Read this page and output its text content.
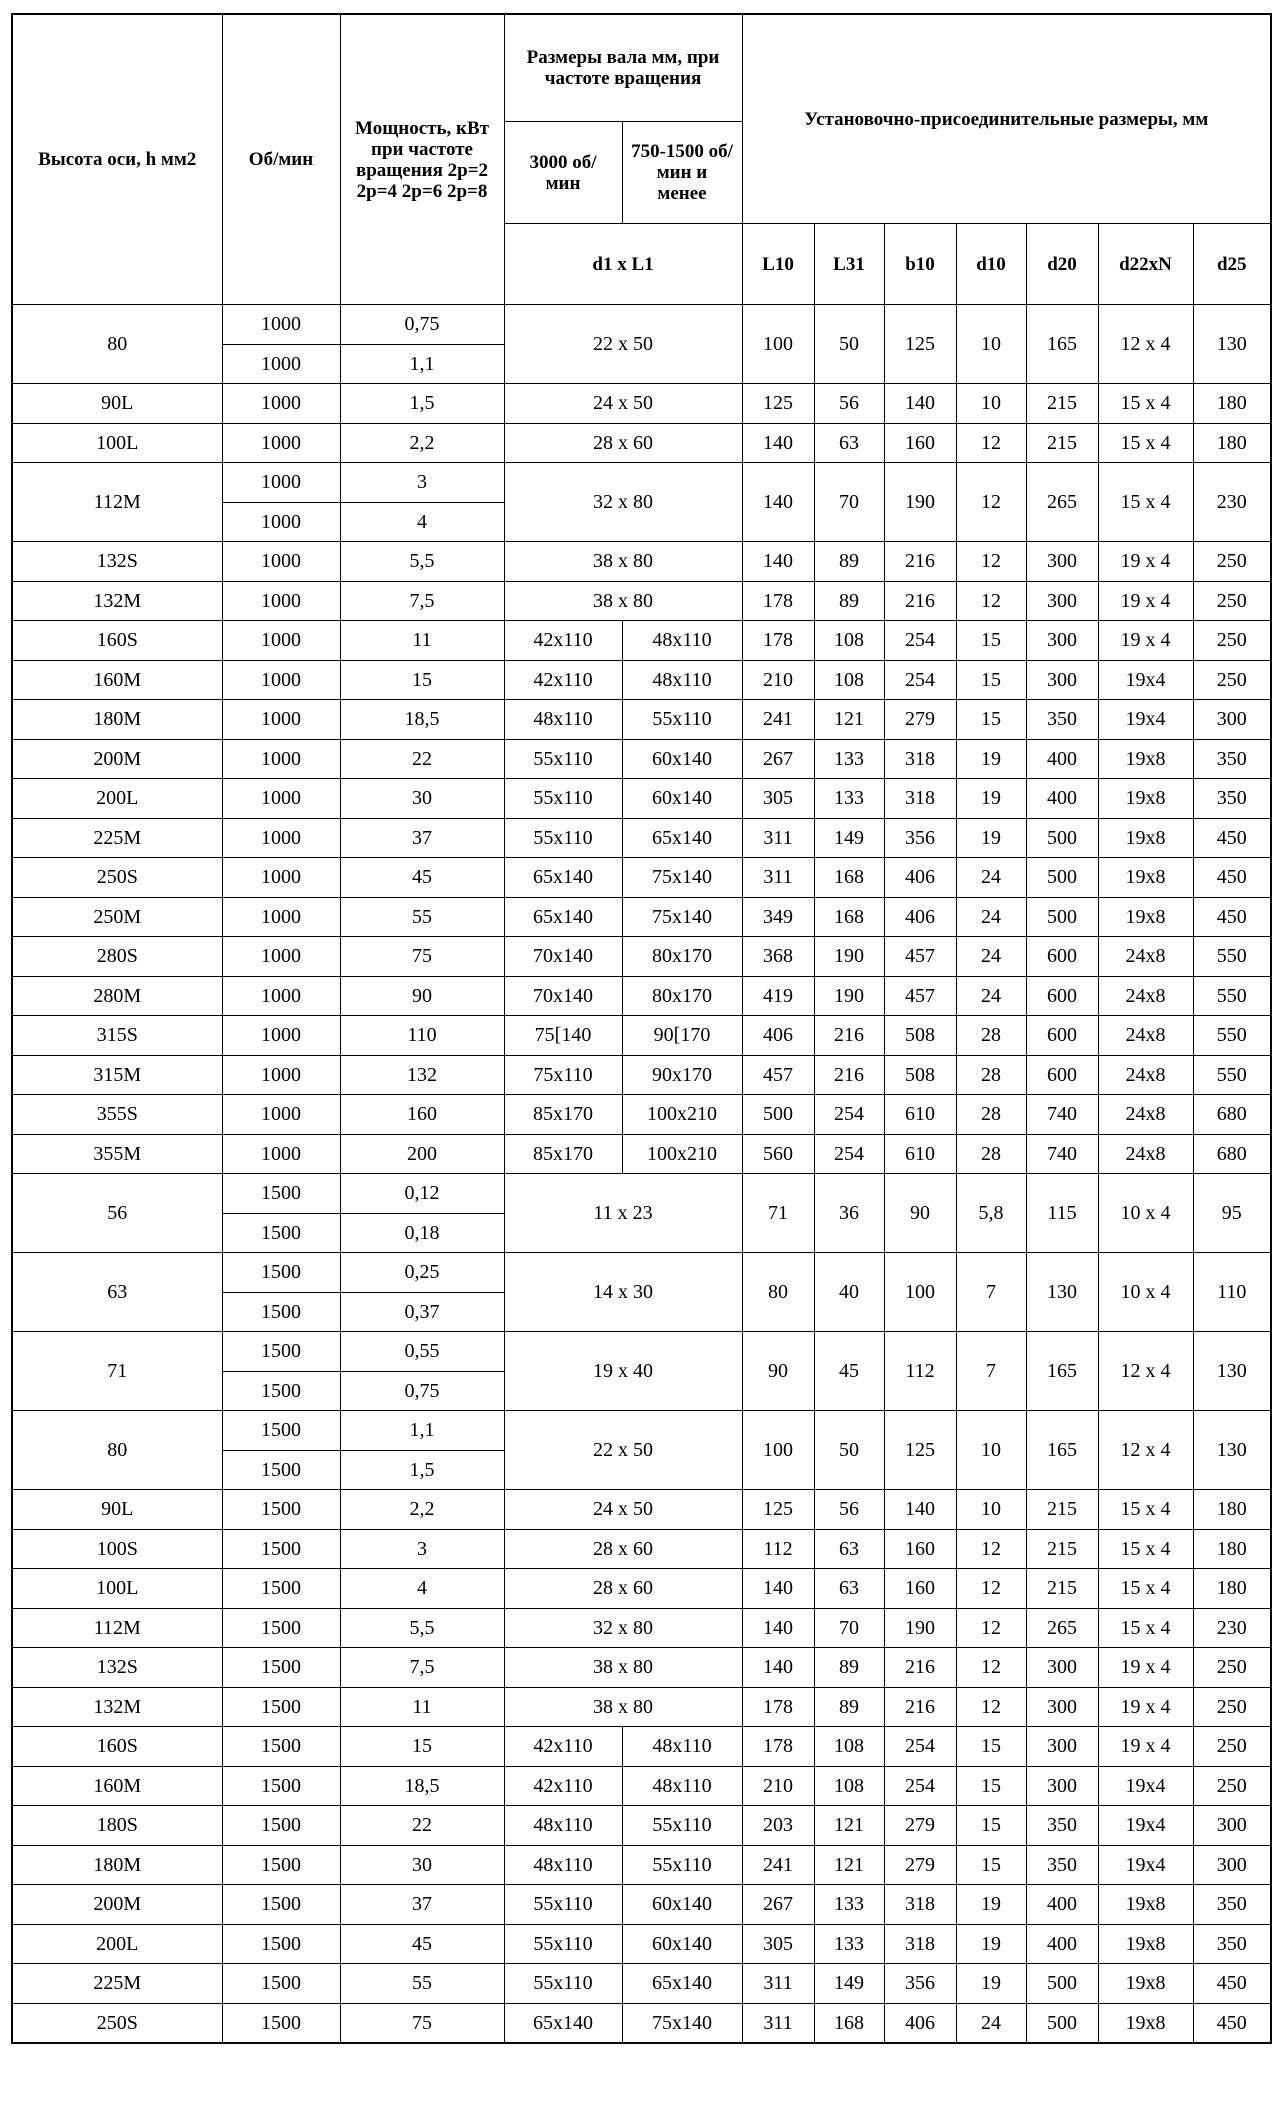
Высота оси, h мм2	Об/мин	Мощность, кВт при частоте вращения 2р=2 2р=4 2р=6 2р=8	Размеры вала мм, при частоте вращения		Установочно-присоединительные размеры, мм						
			3000 об/мин	750-1500 об/мин и менее							
			d1 x L1		L10	L31	b10	d10	d20	d22xN	d25
80	1000	0,75	22 x 50		100	50	125	10	165	12 x 4	130
	1000	1,1									
90L	1000	1,5	24 x 50		125	56	140	10	215	15 x 4	180
100L	1000	2,2	28 x 60		140	63	160	12	215	15 x 4	180
112M	1000	3	32 x 80		140	70	190	12	265	15 x 4	230
	1000	4									
132S	1000	5,5	38 x 80		140	89	216	12	300	19 x 4	250
132M	1000	7,5	38 x 80		178	89	216	12	300	19 x 4	250
160S	1000	11	42x110	48x110	178	108	254	15	300	19 x 4	250
160M	1000	15	42x110	48x110	210	108	254	15	300	19x4	250
180M	1000	18,5	48x110	55x110	241	121	279	15	350	19x4	300
200M	1000	22	55x110	60x140	267	133	318	19	400	19x8	350
200L	1000	30	55x110	60x140	305	133	318	19	400	19x8	350
225M	1000	37	55x110	65x140	311	149	356	19	500	19x8	450
250S	1000	45	65x140	75x140	311	168	406	24	500	19x8	450
250M	1000	55	65x140	75x140	349	168	406	24	500	19x8	450
280S	1000	75	70x140	80x170	368	190	457	24	600	24x8	550
280M	1000	90	70x140	80x170	419	190	457	24	600	24x8	550
315S	1000	110	75[140	90[170	406	216	508	28	600	24x8	550
315M	1000	132	75x110	90x170	457	216	508	28	600	24x8	550
355S	1000	160	85x170	100x210	500	254	610	28	740	24x8	680
355M	1000	200	85x170	100x210	560	254	610	28	740	24x8	680
56	1500	0,12	11 x 23		71	36	90	5,8	115	10 x 4	95
	1500	0,18									
63	1500	0,25	14 x 30		80	40	100	7	130	10 x 4	110
	1500	0,37									
71	1500	0,55	19 x 40		90	45	112	7	165	12 x 4	130
	1500	0,75									
80	1500	1,1	22 x 50		100	50	125	10	165	12 x 4	130
	1500	1,5									
90L	1500	2,2	24 x 50		125	56	140	10	215	15 x 4	180
100S	1500	3	28 x 60		112	63	160	12	215	15 x 4	180
100L	1500	4	28 x 60		140	63	160	12	215	15 x 4	180
112M	1500	5,5	32 x 80		140	70	190	12	265	15 x 4	230
132S	1500	7,5	38 x 80		140	89	216	12	300	19 x 4	250
132M	1500	11	38 x 80		178	89	216	12	300	19 x 4	250
160S	1500	15	42x110	48x110	178	108	254	15	300	19 x 4	250
160M	1500	18,5	42x110	48x110	210	108	254	15	300	19x4	250
180S	1500	22	48x110	55x110	203	121	279	15	350	19x4	300
180M	1500	30	48x110	55x110	241	121	279	15	350	19x4	300
200M	1500	37	55x110	60x140	267	133	318	19	400	19x8	350
200L	1500	45	55x110	60x140	305	133	318	19	400	19x8	350
225M	1500	55	55x110	65x140	311	149	356	19	500	19x8	450
250S	1500	75	65x140	75x140	311	168	406	24	500	19x8	450
